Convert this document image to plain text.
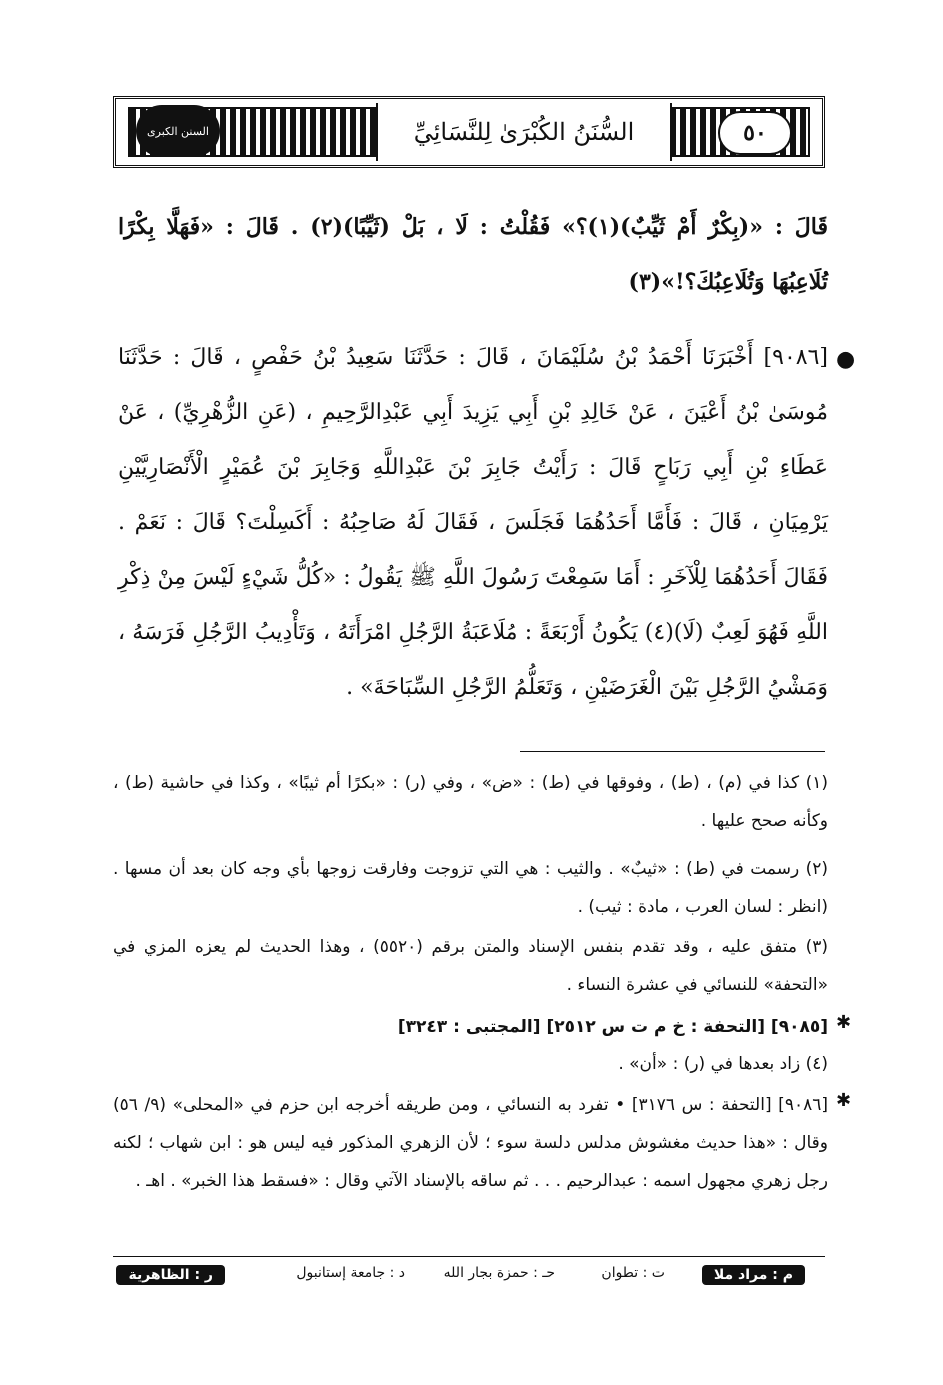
السنن الكبرى	السُّنَنُ الكُبْرَىٰ لِلنَّسَائِيِّ	٥٠
قَالَ : «(بِكْرٌ أَمْ ثَيِّبٌ)(١)؟» فَقُلْتُ : لَا ، بَلْ (ثَيِّبًا)(٢) . قَالَ : «فَهَلَّا بِكْرًا تُلَاعِبُهَا وَتُلَاعِبُكَ؟!»(٣)
●
[٩٠٨٦] أَخْبَرَنَا أَحْمَدُ بْنُ سُلَيْمَانَ ، قَالَ : حَدَّثَنَا سَعِيدُ بْنُ حَفْصٍ ، قَالَ : حَدَّثَنَا مُوسَىٰ بْنُ أَعْيَنَ ، عَنْ خَالِدِ بْنِ أَبِي يَزِيدَ أَبِي عَبْدِالرَّحِيمِ ، (عَنِ الزُّهْرِيِّ) ، عَنْ عَطَاءِ بْنِ أَبِي رَبَاحٍ قَالَ : رَأَيْتُ جَابِرَ بْنَ عَبْدِاللَّهِ وَجَابِرَ بْنَ عُمَيْرٍ الْأَنْصَارِيَّيْنِ يَرْمِيَانِ ، قَالَ : فَأَمَّا أَحَدُهُمَا فَجَلَسَ ، فَقَالَ لَهُ صَاحِبُهُ : أَكَسِلْتَ؟ قَالَ : نَعَمْ . فَقَالَ أَحَدُهُمَا لِلْآخَرِ : أَمَا سَمِعْتَ رَسُولَ اللَّهِ ﷺ يَقُولُ : «كُلُّ شَيْءٍ لَيْسَ مِنْ ذِكْرِ اللَّهِ فَهُوَ لَعِبٌ (لَا)(٤) يَكُونُ أَرْبَعَةً : مُلَاعَبَةُ الرَّجُلِ امْرَأَتَهُ ، وَتَأْدِيبُ الرَّجُلِ فَرَسَهُ ، وَمَشْيُ الرَّجُلِ بَيْنَ الْغَرَضَيْنِ ، وَتَعَلُّمُ الرَّجُلِ السِّبَاحَةَ» .
(١) كذا في (م) ، (ط) ، وفوقها في (ط) : «ض» ، وفي (ر) : «بكرًا أم ثيبًا» ، وكذا في حاشية (ط) ، وكأنه صحح عليها .
(٢) رسمت في (ط) : «ثيبٌ» . والثيب : هي التي تزوجت وفارقت زوجها بأي وجه كان بعد أن مسها . (انظر : لسان العرب ، مادة : ثيب) .
(٣) متفق عليه ، وقد تقدم بنفس الإسناد والمتن برقم (٥٥٢٠) ، وهذا الحديث لم يعزه المزي في «التحفة» للنسائي في عشرة النساء .
✱
[٩٠٨٥] [التحفة : خ م ت س ٢٥١٢] [المجتبى : ٣٢٤٣]
(٤) زاد بعدها في (ر) : «أن» .
✱
[٩٠٨٦] [التحفة : س ٣١٧٦] • تفرد به النسائي ، ومن طريقه أخرجه ابن حزم في «المحلى» (٩/ ٥٦) وقال : «هذا حديث مغشوش مدلس دلسة سوء ؛ لأن الزهري المذكور فيه ليس هو : ابن شهاب ؛ لكنه رجل زهري مجهول اسمه : عبدالرحيم . . . ثم ساقه بالإسناد الآتي وقال : «فسقط هذا الخبر» . اهـ .
م : مراد ملا
ت : تطوان
حـ : حمزة بجار الله
د : جامعة إستانبول
ر : الظاهرية
